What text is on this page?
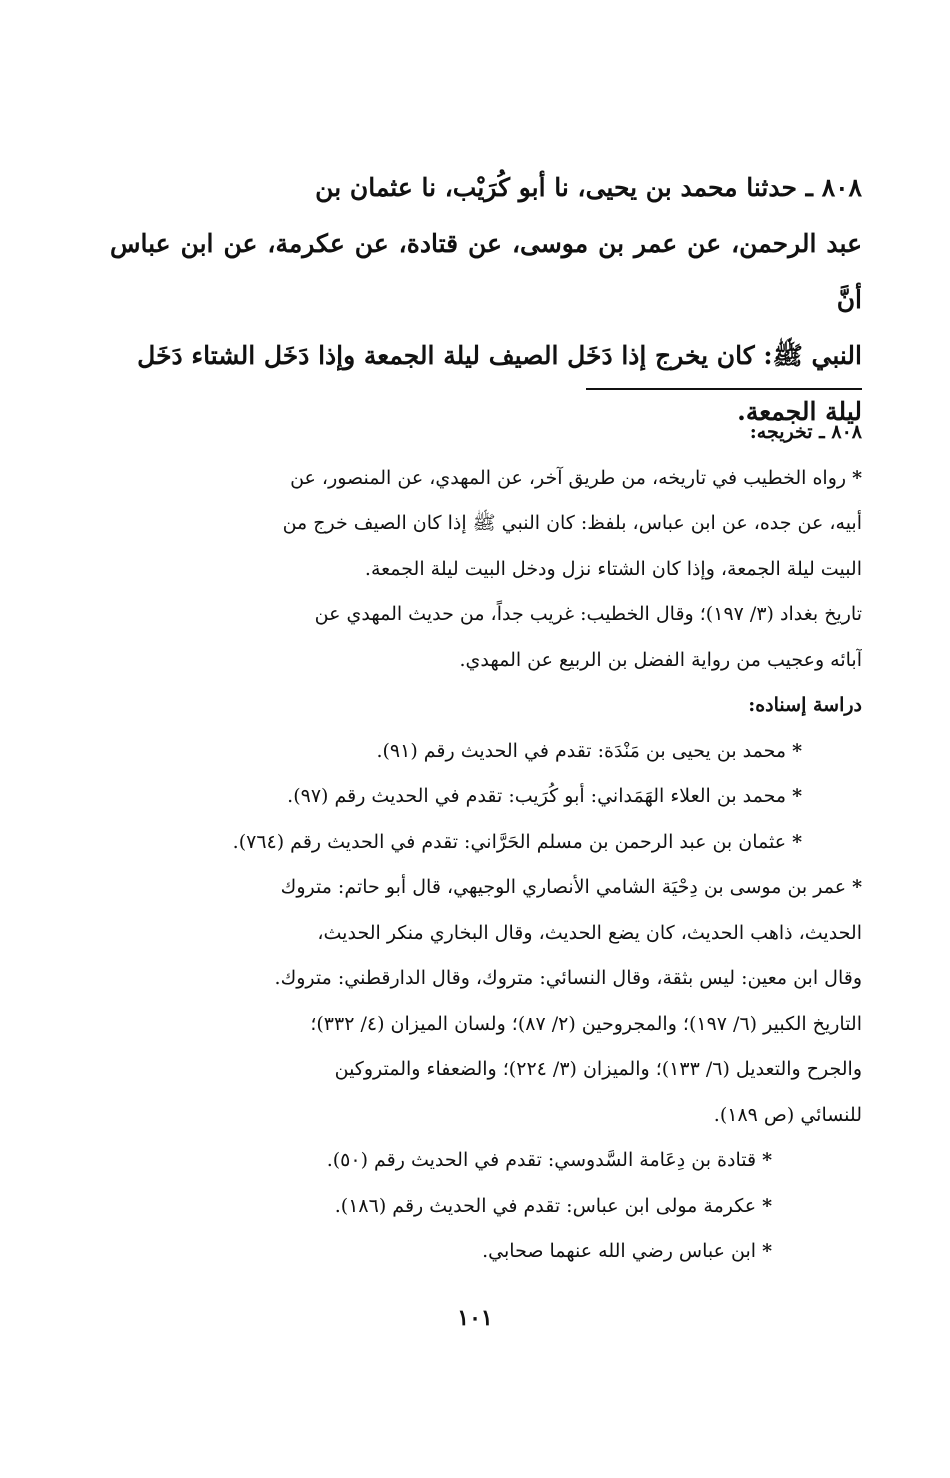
٨٠٨ ـ حدثنا محمد بن يحيى، نا أبو كُرَيْب، نا عثمان بن

عبد الرحمن، عن عمر بن موسى، عن قتادة، عن عكرمة، عن ابن عباس أنَّ

النبي ﷺ: كان يخرج إذا دَخَل الصيف ليلة الجمعة وإذا دَخَل الشتاء دَخَل

ليلة الجمعة.

٨٠٨ ـ تخريجه:

*رواه الخطيب في تاريخه، من طريق آخر، عن المهدي، عن المنصور، عن

أبيه، عن جده، عن ابن عباس، بلفظ: كان النبي ﷺ إذا كان الصيف خرج من

البيت ليلة الجمعة، وإذا كان الشتاء نزل ودخل البيت ليلة الجمعة.

تاريخ بغداد (٣/ ١٩٧)؛ وقال الخطيب: غريب جداً، من حديث المهدي عن

آبائه وعجيب من رواية الفضل بن الربيع عن المهدي.

دراسة إسناده:

*محمد بن يحيى بن مَنْدَة: تقدم في الحديث رقم (٩١).

*محمد بن العلاء الهَمَداني: أبو كُرَيب: تقدم في الحديث رقم (٩٧).

*عثمان بن عبد الرحمن بن مسلم الحَرَّاني: تقدم في الحديث رقم (٧٦٤).

*عمر بن موسى بن دِحْيَة الشامي الأنصاري الوجيهي، قال أبو حاتم: متروك

الحديث، ذاهب الحديث، كان يضع الحديث، وقال البخاري منكر الحديث،

وقال ابن معين: ليس بثقة، وقال النسائي: متروك، وقال الدارقطني: متروك.

التاريخ الكبير (٦/ ١٩٧)؛ والمجروحين (٢/ ٨٧)؛ ولسان الميزان (٤/ ٣٣٢)؛

والجرح والتعديل (٦/ ١٣٣)؛ والميزان (٣/ ٢٢٤)؛ والضعفاء والمتروكين

للنسائي (ص ١٨٩).

*قتادة بن دِعَامة السَّدوسي: تقدم في الحديث رقم (٥٠).

*عكرمة مولى ابن عباس: تقدم في الحديث رقم (١٨٦).

*ابن عباس رضي الله عنهما صحابي.

١٠١
